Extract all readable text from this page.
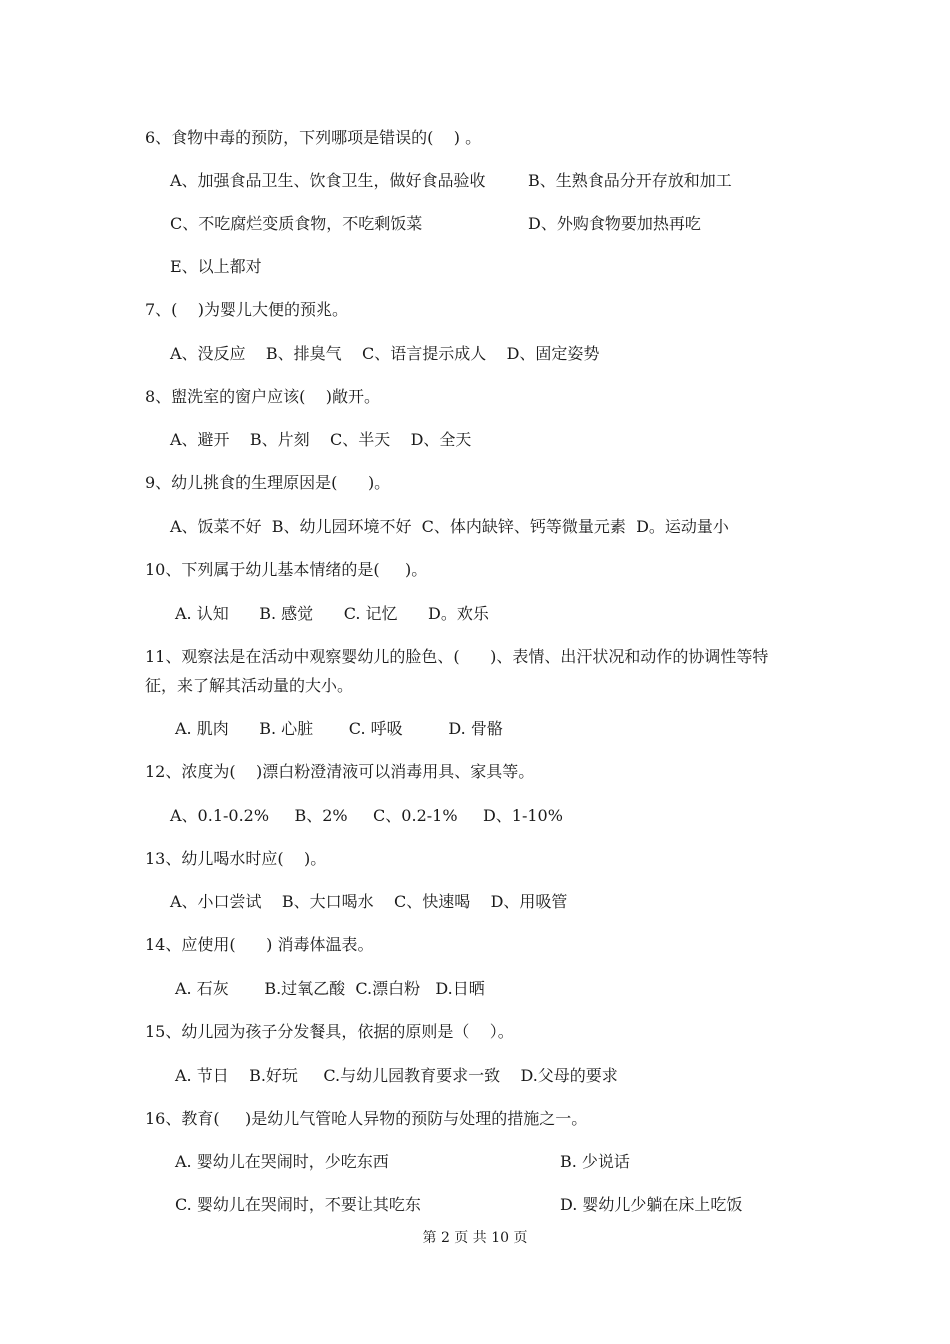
6、食物中毒的预防，下列哪项是错误的(    ) 。
A、加强食品卫生、饮食卫生，做好食品验收	B、生熟食品分开存放和加工
C、不吃腐烂变质食物，不吃剩饭菜	D、外购食物要加热再吃
E、以上都对
7、(    )为婴儿大便的预兆。
A、没反应    B、排臭气    C、语言提示成人    D、固定姿势
8、盥洗室的窗户应该(    )敞开。
A、避开    B、片刻    C、半天    D、全天
9、幼儿挑食的生理原因是(      )。
A、饭菜不好  B、幼儿园环境不好  C、体内缺锌、钙等微量元素  D。运动量小
10、下列属于幼儿基本情绪的是(     )。
A. 认知      B. 感觉      C. 记忆      D。欢乐
11、观察法是在活动中观察婴幼儿的脸色、(      )、表情、出汗状况和动作的协调性等特
征，来了解其活动量的大小。
A. 肌肉      B. 心脏       C. 呼吸         D. 骨骼
12、浓度为(    )漂白粉澄清液可以消毒用具、家具等。
A、0.1-0.2%     B、2%     C、0.2-1%     D、1-10%
13、幼儿喝水时应(    )。
A、小口尝试    B、大口喝水    C、快速喝    D、用吸管
14、应使用(      ) 消毒体温表。
A. 石灰       B.过氧乙酸  C.漂白粉   D.日晒
15、幼儿园为孩子分发餐具，依据的原则是（    ）。
A. 节日    B.好玩     C.与幼儿园教育要求一致    D.父母的要求
16、教育(     )是幼儿气管呛人异物的预防与处理的措施之一。
A. 婴幼儿在哭闹时，少吃东西	B. 少说话
C. 婴幼儿在哭闹时，不要让其吃东	D. 婴幼儿少躺在床上吃饭
第 2 页 共 10 页
